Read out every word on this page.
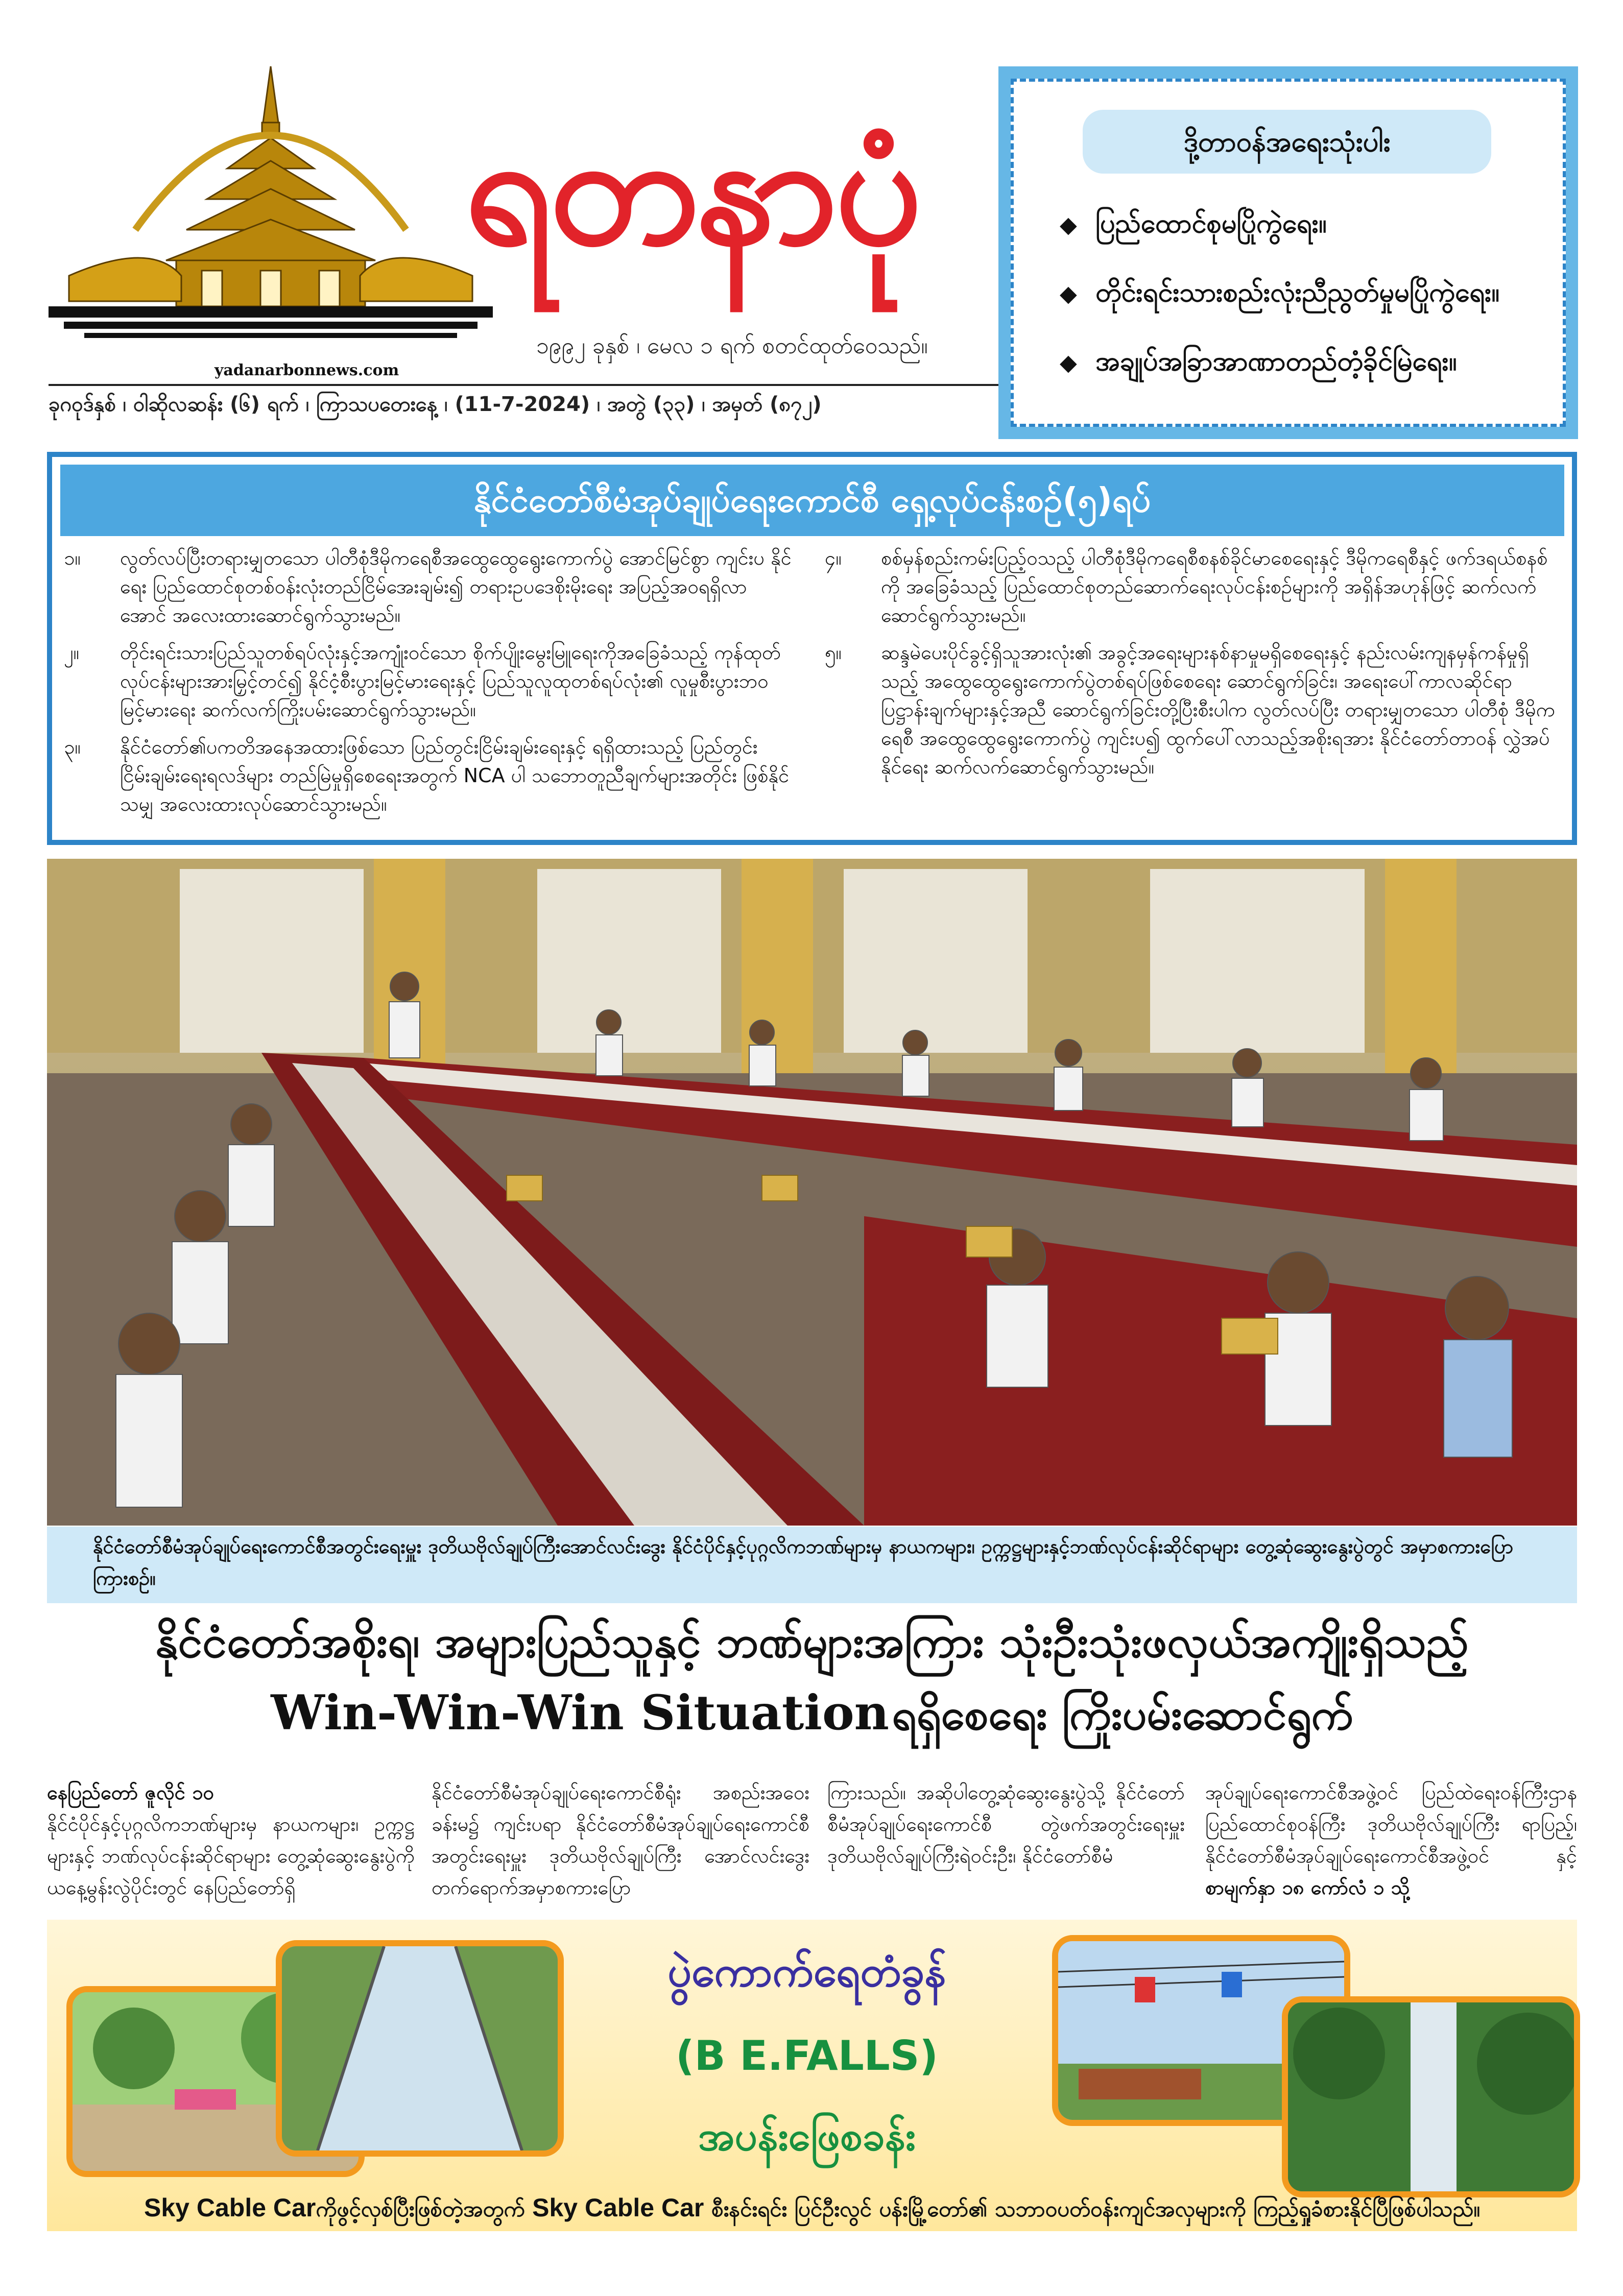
yadanarbonnews.com
ရတနာပုံ
၁၉၉၂ ခုနှစ် ၊ မေလ ၁ ရက် စတင်ထုတ်ဝေသည်။
ခုဂဝုဒ်နှစ် ၊ ဝါဆိုလဆန်း (၆) ရက် ၊ ကြာသပတေးနေ့ ၊ (11-7-2024) ၊ အတွဲ (၃၃) ၊ အမှတ် (၈၇၂)
ဒို့တာဝန်အရေးသုံးပါး
◆ ပြည်ထောင်စုမပြိုကွဲရေး။
◆ တိုင်းရင်းသားစည်းလုံးညီညွတ်မှုမပြိုကွဲရေး။
◆ အချုပ်အခြာအာဏာတည်တံ့ခိုင်မြဲရေး။
နိုင်ငံတော်စီမံအုပ်ချုပ်ရေးကောင်စီ ရှေ့လုပ်ငန်းစဉ်(၅)ရပ်
၁။	လွတ်လပ်ပြီးတရားမျှတသော ပါတီစုံဒီမိုကရေစီအထွေထွေရွေးကောက်ပွဲ အောင်မြင်စွာ ကျင်းပ နိုင်ရေး ပြည်ထောင်စုတစ်ဝန်းလုံးတည်ငြိမ်အေးချမ်း၍ တရားဥပဒေစိုးမိုးရေး အပြည့်အဝရရှိလာ အောင် အလေးထားဆောင်ရွက်သွားမည်။
၂။	တိုင်းရင်းသားပြည်သူတစ်ရပ်လုံးနှင့်အကျုံးဝင်သော စိုက်ပျိုးမွေးမြူရေးကိုအခြေခံသည့် ကုန်ထုတ် လုပ်ငန်းများအားမြှင့်တင်၍ နိုင်ငံ့စီးပွားမြင့်မားရေးနှင့် ပြည်သူလူထုတစ်ရပ်လုံး၏ လူမှုစီးပွားဘဝ မြင့်မားရေး ဆက်လက်ကြိုးပမ်းဆောင်ရွက်သွားမည်။
၃။	နိုင်ငံတော်၏ပကတိအနေအထားဖြစ်သော ပြည်တွင်းငြိမ်းချမ်းရေးနှင့် ရရှိထားသည့် ပြည်တွင်း ငြိမ်းချမ်းရေးရလဒ်များ တည်မြဲမှုရှိစေရေးအတွက် NCA ပါ သဘောတူညီချက်များအတိုင်း ဖြစ်နိုင်သမျှ အလေးထားလုပ်ဆောင်သွားမည်။
၄။	စစ်မှန်စည်းကမ်းပြည့်ဝသည့် ပါတီစုံဒီမိုကရေစီစနစ်ခိုင်မာစေရေးနှင့် ဒီမိုကရေစီနှင့် ဖက်ဒရယ်စနစ် ကို အခြေခံသည့် ပြည်ထောင်စုတည်ဆောက်ရေးလုပ်ငန်းစဉ်များကို အရှိန်အဟုန်ဖြင့် ဆက်လက် ဆောင်ရွက်သွားမည်။
၅။	ဆန္ဒမဲပေးပိုင်ခွင့်ရှိသူအားလုံး၏ အခွင့်အရေးများနစ်နာမှုမရှိစေရေးနှင့် နည်းလမ်းကျနမှန်ကန်မှုရှိ သည့် အထွေထွေရွေးကောက်ပွဲတစ်ရပ်ဖြစ်စေရေး ဆောင်ရွက်ခြင်း၊ အရေးပေါ်ကာလဆိုင်ရာ ပြဋ္ဌာန်းချက်များနှင့်အညီ ဆောင်ရွက်ခြင်းတို့ပြီးစီးပါက လွတ်လပ်ပြီး တရားမျှတသော ပါတီစုံ ဒီမိုကရေစီ အထွေထွေရွေးကောက်ပွဲ ကျင်းပ၍ ထွက်ပေါ်လာသည့်အစိုးရအား နိုင်ငံတော်တာဝန် လွှဲအပ်နိုင်ရေး ဆက်လက်ဆောင်ရွက်သွားမည်။
နိုင်ငံတော်စီမံအုပ်ချုပ်ရေးကောင်စီအတွင်းရေးမှူး ဒုတိယဗိုလ်ချုပ်ကြီးအောင်လင်းဒွေး နိုင်ငံပိုင်နှင့်ပုဂ္ဂလိကဘဏ်များမှ နာယကများ၊ ဥက္ကဋ္ဌများနှင့်ဘဏ်လုပ်ငန်းဆိုင်ရာများ တွေ့ဆုံဆွေးနွေးပွဲတွင် အမှာစကားပြောကြားစဉ်။
နိုင်ငံတော်အစိုးရ၊ အများပြည်သူနှင့် ဘဏ်များအကြား သုံးဦးသုံးဖလှယ်အကျိုးရှိသည့်
Win-Win-Win Situation ရရှိစေရေး ကြိုးပမ်းဆောင်ရွက်
နေပြည်တော် ဇူလိုင် ၁၀
နိုင်ငံပိုင်နှင့်ပုဂ္ဂလိကဘဏ်များမှ နာယကများ၊ ဥက္ကဋ္ဌများနှင့် ဘဏ်လုပ်ငန်းဆိုင်ရာများ တွေ့ဆုံဆွေးနွေးပွဲကို ယနေ့မွန်းလွဲပိုင်းတွင် နေပြည်တော်ရှိ
နိုင်ငံတော်စီမံအုပ်ချုပ်ရေးကောင်စီရုံး အစည်းအဝေးခန်းမ၌ ကျင်းပရာ နိုင်ငံတော်စီမံအုပ်ချုပ်ရေးကောင်စီအတွင်းရေးမှူး ဒုတိယဗိုလ်ချုပ်ကြီး အောင်လင်းဒွေး တက်ရောက်အမှာစကားပြော
ကြားသည်။ အဆိုပါတွေ့ဆုံဆွေးနွေးပွဲသို့ နိုင်ငံတော်စီမံအုပ်ချုပ်ရေးကောင်စီ တွဲဖက်အတွင်းရေးမှူး ဒုတိယဗိုလ်ချုပ်ကြီးရဲဝင်းဦး၊ နိုင်ငံတော်စီမံ
အုပ်ချုပ်ရေးကောင်စီအဖွဲ့ဝင် ပြည်ထဲရေးဝန်ကြီးဌာန ပြည်ထောင်စုဝန်ကြီး ဒုတိယဗိုလ်ချုပ်ကြီး ရာပြည့်၊နိုင်ငံတော်စီမံအုပ်ချုပ်ရေးကောင်စီအဖွဲ့ဝင် နှင့် စာမျက်နှာ ၁၈ ကော်လံ ၁ သို့
ပွဲကောက်ရေတံခွန်
(B E.FALLS)
အပန်းဖြေစခန်း
Sky Cable Carကိုဖွင့်လှစ်ပြီးဖြစ်တဲ့အတွက် Sky Cable Car စီးနင်းရင်း ပြင်ဦးလွင် ပန်းမြို့တော်၏ သဘာဝပတ်ဝန်းကျင်အလှများကို ကြည့်ရှုခံစားနိုင်ပြီဖြစ်ပါသည်။
